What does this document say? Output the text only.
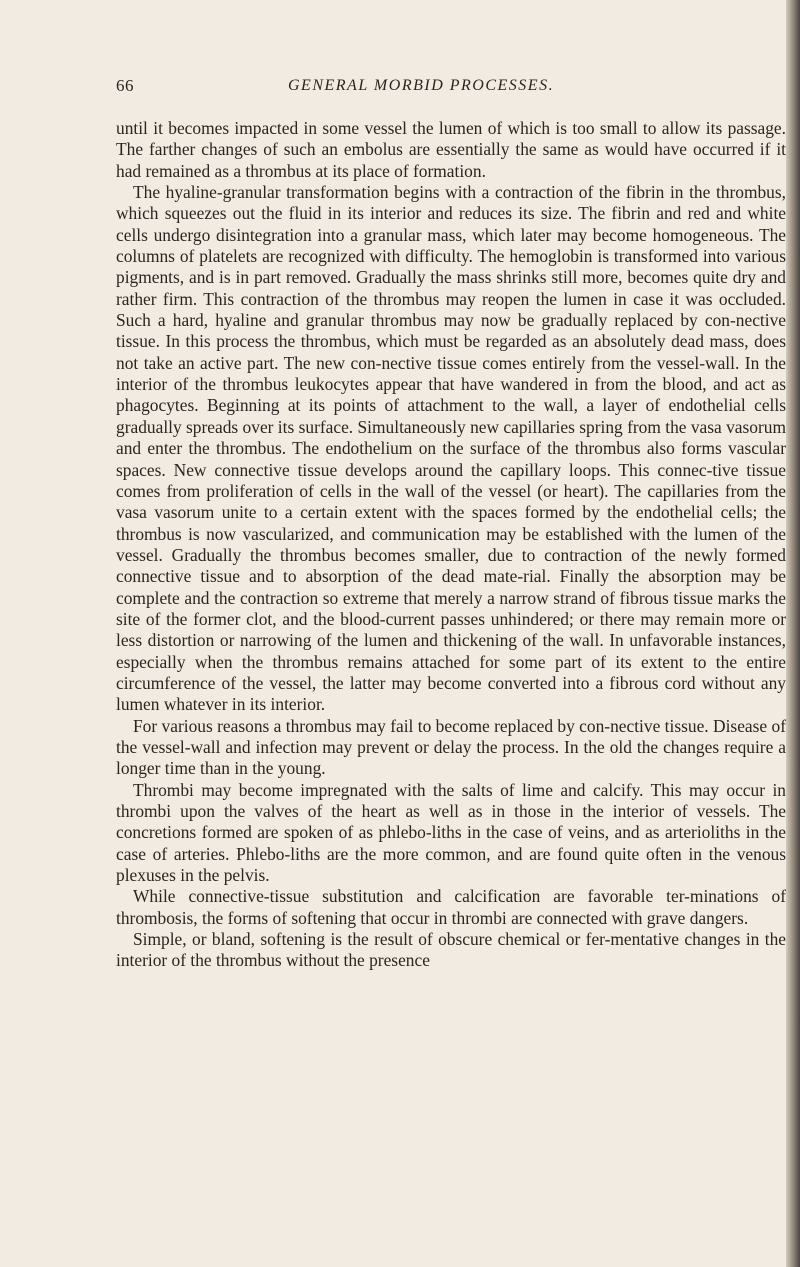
66	GENERAL MORBID PROCESSES.

until it becomes impacted in some vessel the lumen of which is too small to allow its passage. The farther changes of such an embolus are essentially the same as would have occurred if it had remained as a thrombus at its place of formation.

The hyaline-granular transformation begins with a contraction of the fibrin in the thrombus, which squeezes out the fluid in its interior and reduces its size. The fibrin and red and white cells undergo disintegration into a granular mass, which later may become homogeneous. The columns of platelets are recognized with difficulty. The hemoglobin is transformed into various pigments, and is in part removed. Gradually the mass shrinks still more, becomes quite dry and rather firm. This contraction of the thrombus may reopen the lumen in case it was occluded. Such a hard, hyaline and granular thrombus may now be gradually replaced by con-nective tissue. In this process the thrombus, which must be regarded as an absolutely dead mass, does not take an active part. The new con-nective tissue comes entirely from the vessel-wall. In the interior of the thrombus leukocytes appear that have wandered in from the blood, and act as phagocytes. Beginning at its points of attachment to the wall, a layer of endothelial cells gradually spreads over its surface. Simultaneously new capillaries spring from the vasa vasorum and enter the thrombus. The endothelium on the surface of the thrombus also forms vascular spaces. New connective tissue develops around the capillary loops. This connec-tive tissue comes from proliferation of cells in the wall of the vessel (or heart). The capillaries from the vasa vasorum unite to a certain extent with the spaces formed by the endothelial cells; the thrombus is now vascularized, and communication may be established with the lumen of the vessel. Gradually the thrombus becomes smaller, due to contraction of the newly formed connective tissue and to absorption of the dead mate-rial. Finally the absorption may be complete and the contraction so extreme that merely a narrow strand of fibrous tissue marks the site of the former clot, and the blood-current passes unhindered; or there may remain more or less distortion or narrowing of the lumen and thickening of the wall. In unfavorable instances, especially when the thrombus remains attached for some part of its extent to the entire circumference of the vessel, the latter may become converted into a fibrous cord without any lumen whatever in its interior.

For various reasons a thrombus may fail to become replaced by con-nective tissue. Disease of the vessel-wall and infection may prevent or delay the process. In the old the changes require a longer time than in the young.

Thrombi may become impregnated with the salts of lime and calcify. This may occur in thrombi upon the valves of the heart as well as in those in the interior of vessels. The concretions formed are spoken of as phlebo-liths in the case of veins, and as arterioliths in the case of arteries. Phlebo-liths are the more common, and are found quite often in the venous plexuses in the pelvis.

While connective-tissue substitution and calcification are favorable ter-minations of thrombosis, the forms of softening that occur in thrombi are connected with grave dangers.

Simple, or bland, softening is the result of obscure chemical or fer-mentative changes in the interior of the thrombus without the presence
